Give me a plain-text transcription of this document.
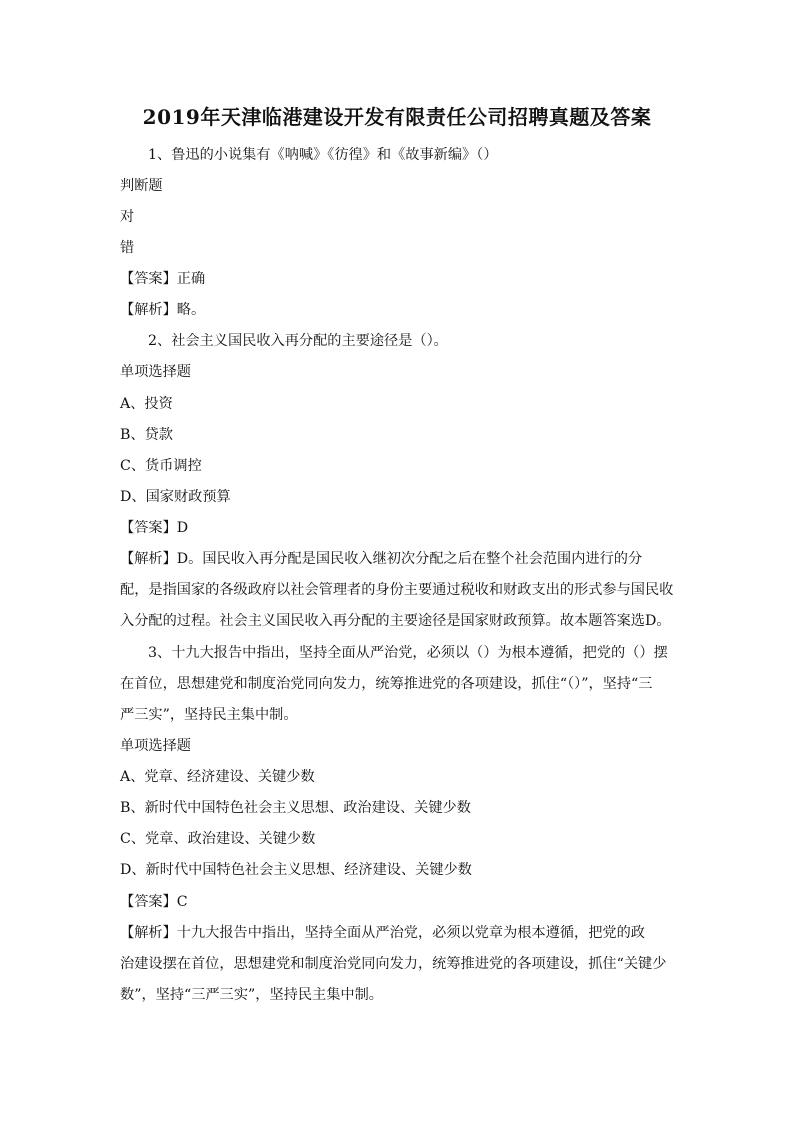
2019年天津临港建设开发有限责任公司招聘真题及答案
1、鲁迅的小说集有《呐喊》《彷徨》和《故事新编》（）
判断题
对
错
【答案】正确
【解析】略。
2、社会主义国民收入再分配的主要途径是（）。
单项选择题
A、投资
B、贷款
C、货币调控
D、国家财政预算
【答案】D
【解析】D。国民收入再分配是国民收入继初次分配之后在整个社会范围内进行的分
配，是指国家的各级政府以社会管理者的身份主要通过税收和财政支出的形式参与国民收
入分配的过程。社会主义国民收入再分配的主要途径是国家财政预算。故本题答案选D。
3、十九大报告中指出，坚持全面从严治党，必须以（）为根本遵循，把党的（）摆
在首位，思想建党和制度治党同向发力，统筹推进党的各项建设，抓住“（）”，坚持“三
严三实”，坚持民主集中制。
单项选择题
A、党章、经济建设、关键少数
B、新时代中国特色社会主义思想、政治建设、关键少数
C、党章、政治建设、关键少数
D、新时代中国特色社会主义思想、经济建设、关键少数
【答案】C
【解析】十九大报告中指出，坚持全面从严治党，必须以党章为根本遵循，把党的政
治建设摆在首位，思想建党和制度治党同向发力，统筹推进党的各项建设，抓住“关键少
数”，坚持“三严三实”，坚持民主集中制。
